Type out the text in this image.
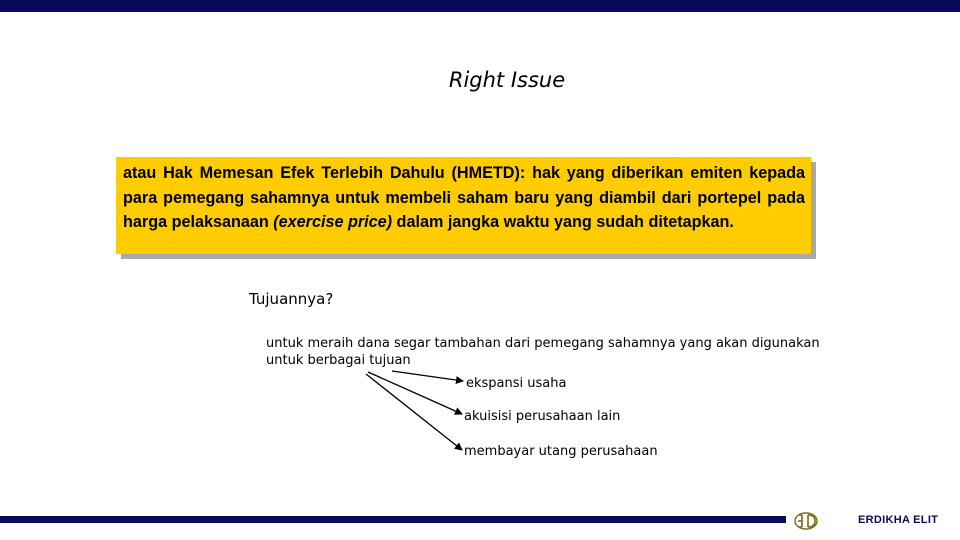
Right Issue

atau Hak Memesan Efek Terlebih Dahulu (HMETD): hak yang diberikan emiten kepada para pemegang sahamnya untuk membeli saham baru yang diambil dari portepel pada harga pelaksanaan (exercise price) dalam jangka waktu yang sudah ditetapkan.

Tujuannya?
untuk meraih dana segar tambahan dari pemegang sahamnya yang akan digunakan untuk berbagai tujuan
ekspansi usaha
akuisisi perusahaan lain
membayar utang perusahaan
ERDIKHA ELIT
